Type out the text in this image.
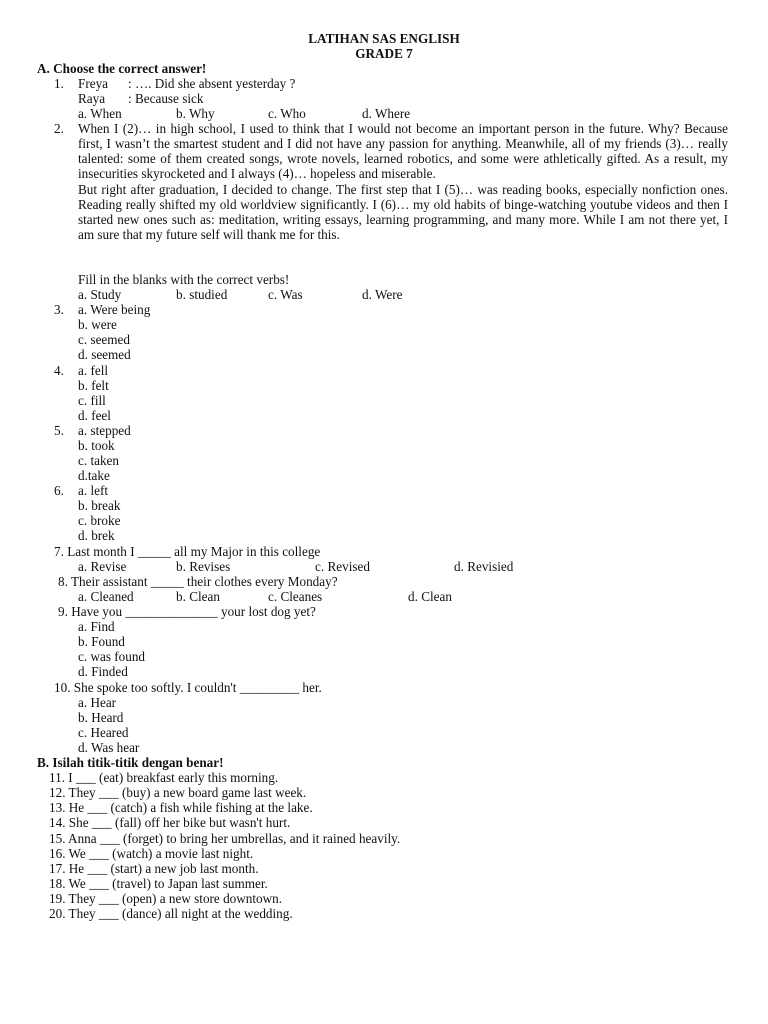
LATIHAN SAS ENGLISH
GRADE 7
A. Choose the correct answer!
1. Freya : …. Did she absent yesterday ?
Raya : Because sick
a. When	b. Why	c. Who	d. Where
2. When I (2)… in high school, I used to think that I would not become an important person in the future. Why? Because first, I wasn’t the smartest student and I did not have any passion for anything. Meanwhile, all of my friends (3)… really talented: some of them created songs, wrote novels, learned robotics, and some were athletically gifted. As a result, my insecurities skyrocketed and I always (4)… hopeless and miserable.

But right after graduation, I decided to change. The first step that I (5)… was reading books, especially nonfiction ones. Reading really shifted my old worldview significantly. I (6)… my old habits of binge-watching youtube videos and then I started new ones such as: meditation, writing essays, learning programming, and many more. While I am not there yet, I am sure that my future self will thank me for this.

Fill in the blanks with the correct verbs!
a. Study	b. studied	c. Was	d. Were
3. a. Were being
b. were
c. seemed
d. seemed
4. a. fell
b. felt
c. fill
d. feel
5. a. stepped
b. took
c. taken
d.take
6. a. left
b. break
c. broke
d. brek
7. Last month I _____ all my Major in this college
a. Revise	b. Revises	c. Revised	d. Revisied
8. Their assistant _____ their clothes every Monday?
a. Cleaned	b. Clean	c. Cleanes	d. Clean
9. Have you ______________ your lost dog yet?
a. Find
b. Found
c. was found
d. Finded
10. She spoke too softly. I couldn't _________ her.
a. Hear
b. Heard
c. Heared
d. Was hear
B. Isilah titik-titik dengan benar!
11. I ___ (eat) breakfast early this morning.
12. They ___ (buy) a new board game last week.
13. He ___ (catch) a fish while fishing at the lake.
14. She ___ (fall) off her bike but wasn't hurt.
15. Anna ___ (forget) to bring her umbrellas, and it rained heavily.
16. We ___ (watch) a movie last night.
17. He ___ (start) a new job last month.
18. We ___ (travel) to Japan last summer.
19. They ___ (open) a new store downtown.
20. They ___ (dance) all night at the wedding.
